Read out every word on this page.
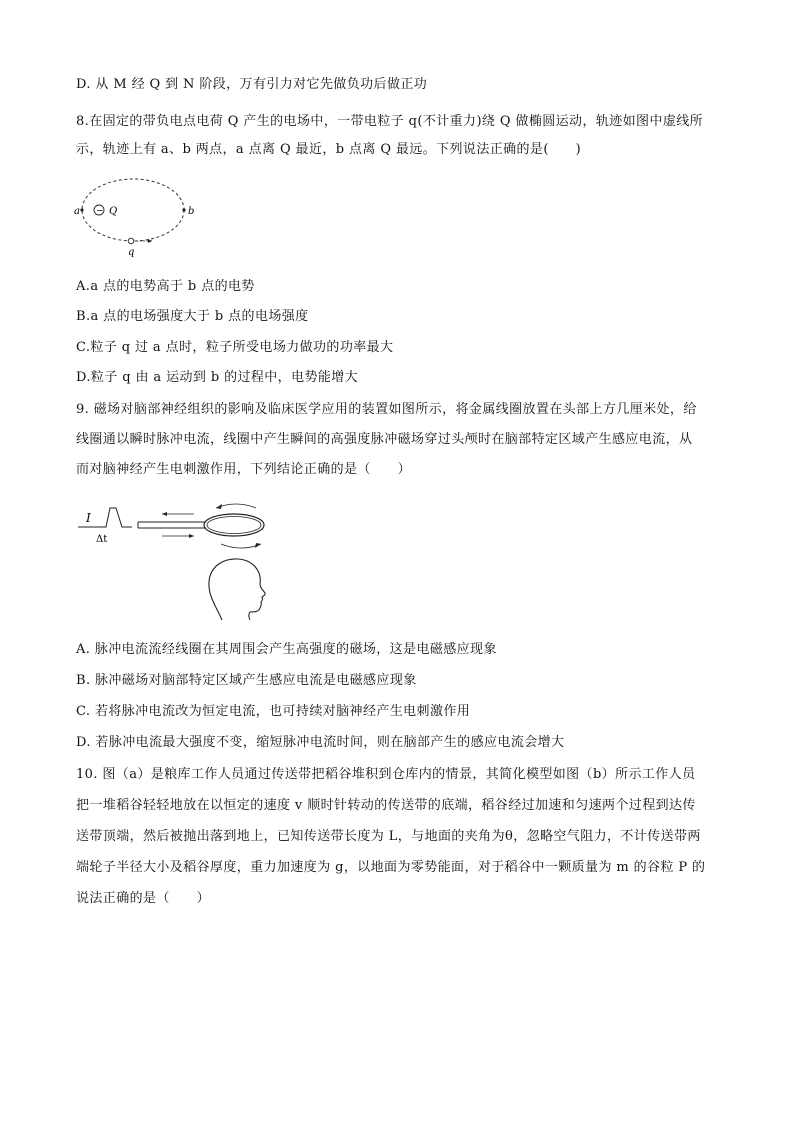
D. 从 M 经 Q 到 N 阶段，万有引力对它先做负功后做正功
8.在固定的带负电点电荷 Q 产生的电场中，一带电粒子 q(不计重力)绕 Q 做椭圆运动，轨迹如图中虚线所
示，轨迹上有 a、b 两点，a 点离 Q 最近，b 点离 Q 最远。下列说法正确的是(　　)
a − Q	b
q
A.a 点的电势高于 b 点的电势
B.a 点的电场强度大于 b 点的电场强度
C.粒子 q 过 a 点时，粒子所受电场力做功的功率最大
D.粒子 q 由 a 运动到 b 的过程中，电势能增大
9. 磁场对脑部神经组织的影响及临床医学应用的装置如图所示，将金属线圈放置在头部上方几厘米处，给
线圈通以瞬时脉冲电流，线圈中产生瞬间的高强度脉冲磁场穿过头颅时在脑部特定区域产生感应电流，从
而对脑神经产生电刺激作用，下列结论正确的是（　　）
I
Δt
A. 脉冲电流流经线圈在其周围会产生高强度的磁场，这是电磁感应现象
B. 脉冲磁场对脑部特定区域产生感应电流是电磁感应现象
C. 若将脉冲电流改为恒定电流，也可持续对脑神经产生电刺激作用
D. 若脉冲电流最大强度不变，缩短脉冲电流时间，则在脑部产生的感应电流会增大
10. 图（a）是粮库工作人员通过传送带把稻谷堆积到仓库内的情景，其简化模型如图（b）所示工作人员
把一堆稻谷轻轻地放在以恒定的速度 v 顺时针转动的传送带的底端，稻谷经过加速和匀速两个过程到达传
送带顶端，然后被抛出落到地上，已知传送带长度为 L，与地面的夹角为θ，忽略空气阻力，不计传送带两
端轮子半径大小及稻谷厚度，重力加速度为 g，以地面为零势能面，对于稻谷中一颗质量为 m 的谷粒 P 的
说法正确的是（　　）
